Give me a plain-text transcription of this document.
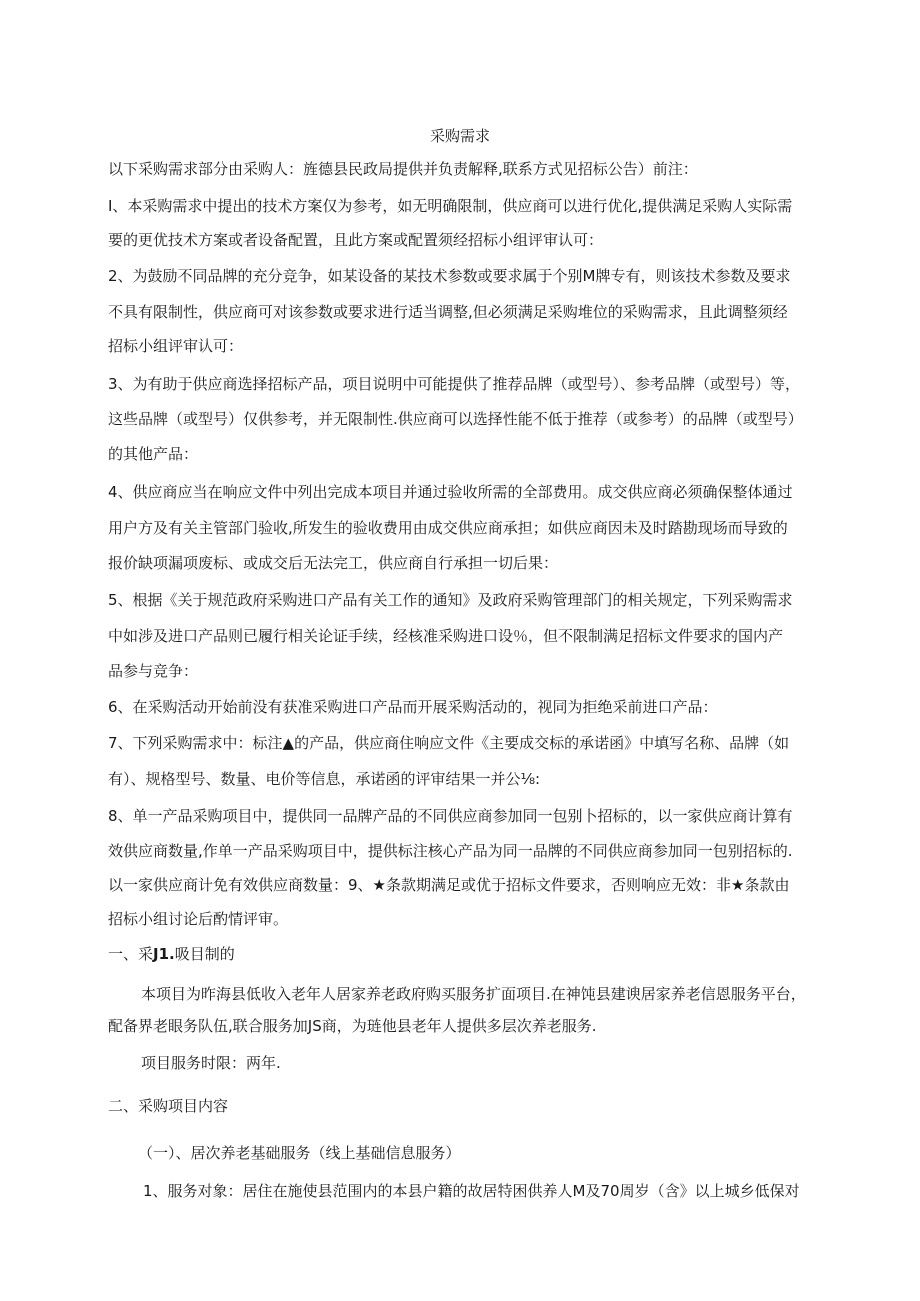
采购需求
以下采购需求部分由采购人：旌德县民政局提供并负责解释,联系方式见招标公告）前注：
I、本采购需求中提出的技术方案仅为参考，如无明确限制，供应商可以进行优化,提供满足采购人实际需
要的更优技术方案或者设备配置，且此方案或配置须经招标小组评审认可：
2、为鼓励不同品牌的充分竞争，如某设备的某技术参数或要求属于个别M牌专有，则该技术参数及要求
不具有限制性，供应商可对该参数或要求进行适当调整,但必须满足采购堆位的采购需求，且此调整须经
招标小组评审认可：
3、为有助于供应商选择招标产品，项目说明中可能提供了推荐品牌（或型号）、参考品牌（或型号）等，
这些品牌（或型号）仅供参考，并无限制性.供应商可以选择性能不低于推荐（或参考）的品牌（或型号）
的其他产品：
4、供应商应当在响应文件中列出完成本项目并通过验收所需的全部费用。成交供应商必须确保整体通过
用户方及有关主管部门验收,所发生的验收费用由成交供应商承担；如供应商因未及时踏勘现场而导致的
报价缺项漏项废标、或成交后无法完工，供应商自行承担一切后果：
5、根据《关于规范政府采购进口产品有关工作的通知》及政府采购管理部门的相关规定，下列采购需求
中如涉及进口产品则已履行相关论证手续，经核准采购进口设％，但不限制满足招标文件要求的国内产
品参与竞争：
6、在采购活动开始前没有获准采购进口产品而开展采购活动的，视同为拒绝采前进口产品：
7、下列采购需求中：标注▲的产品，供应商住响应文件《主要成交标的承诺函》中填写名称、品牌（如
有）、规格型号、数量、电价等信息，承诺函的评审结果一并公⅛:
8、单一产品采购项目中，提供同一品牌产品的不同供应商参加同一包别卜招标的，以一家供应商计算有
效供应商数量,作单一产品采购项目中，提供标注核心产品为同一品牌的不同供应商参加同一包别招标的.
以一家供应商计免有效供应商数量：9、★条款期满足或优于招标文件要求，否则响应无效：非★条款由
招标小组讨论后酌情评审。
一、采J1.吸目制的
本项目为昨海县低收入老年人居家养老政府购买服务扩面项目.在神饨县建谀居家养老信恩服务平台，
配备界老眼务队伍,联合服务加JS商，为琏他县老年人提供多层次养老服务.
项目服务时限：两年.
二、采购项目内容
（一）、居次养老基础服务（线上基础信息服务）
1、服务对象：居住在施使县范围内的本县户籍的故居特困供养人M及70周岁（含》以上城乡低保对
